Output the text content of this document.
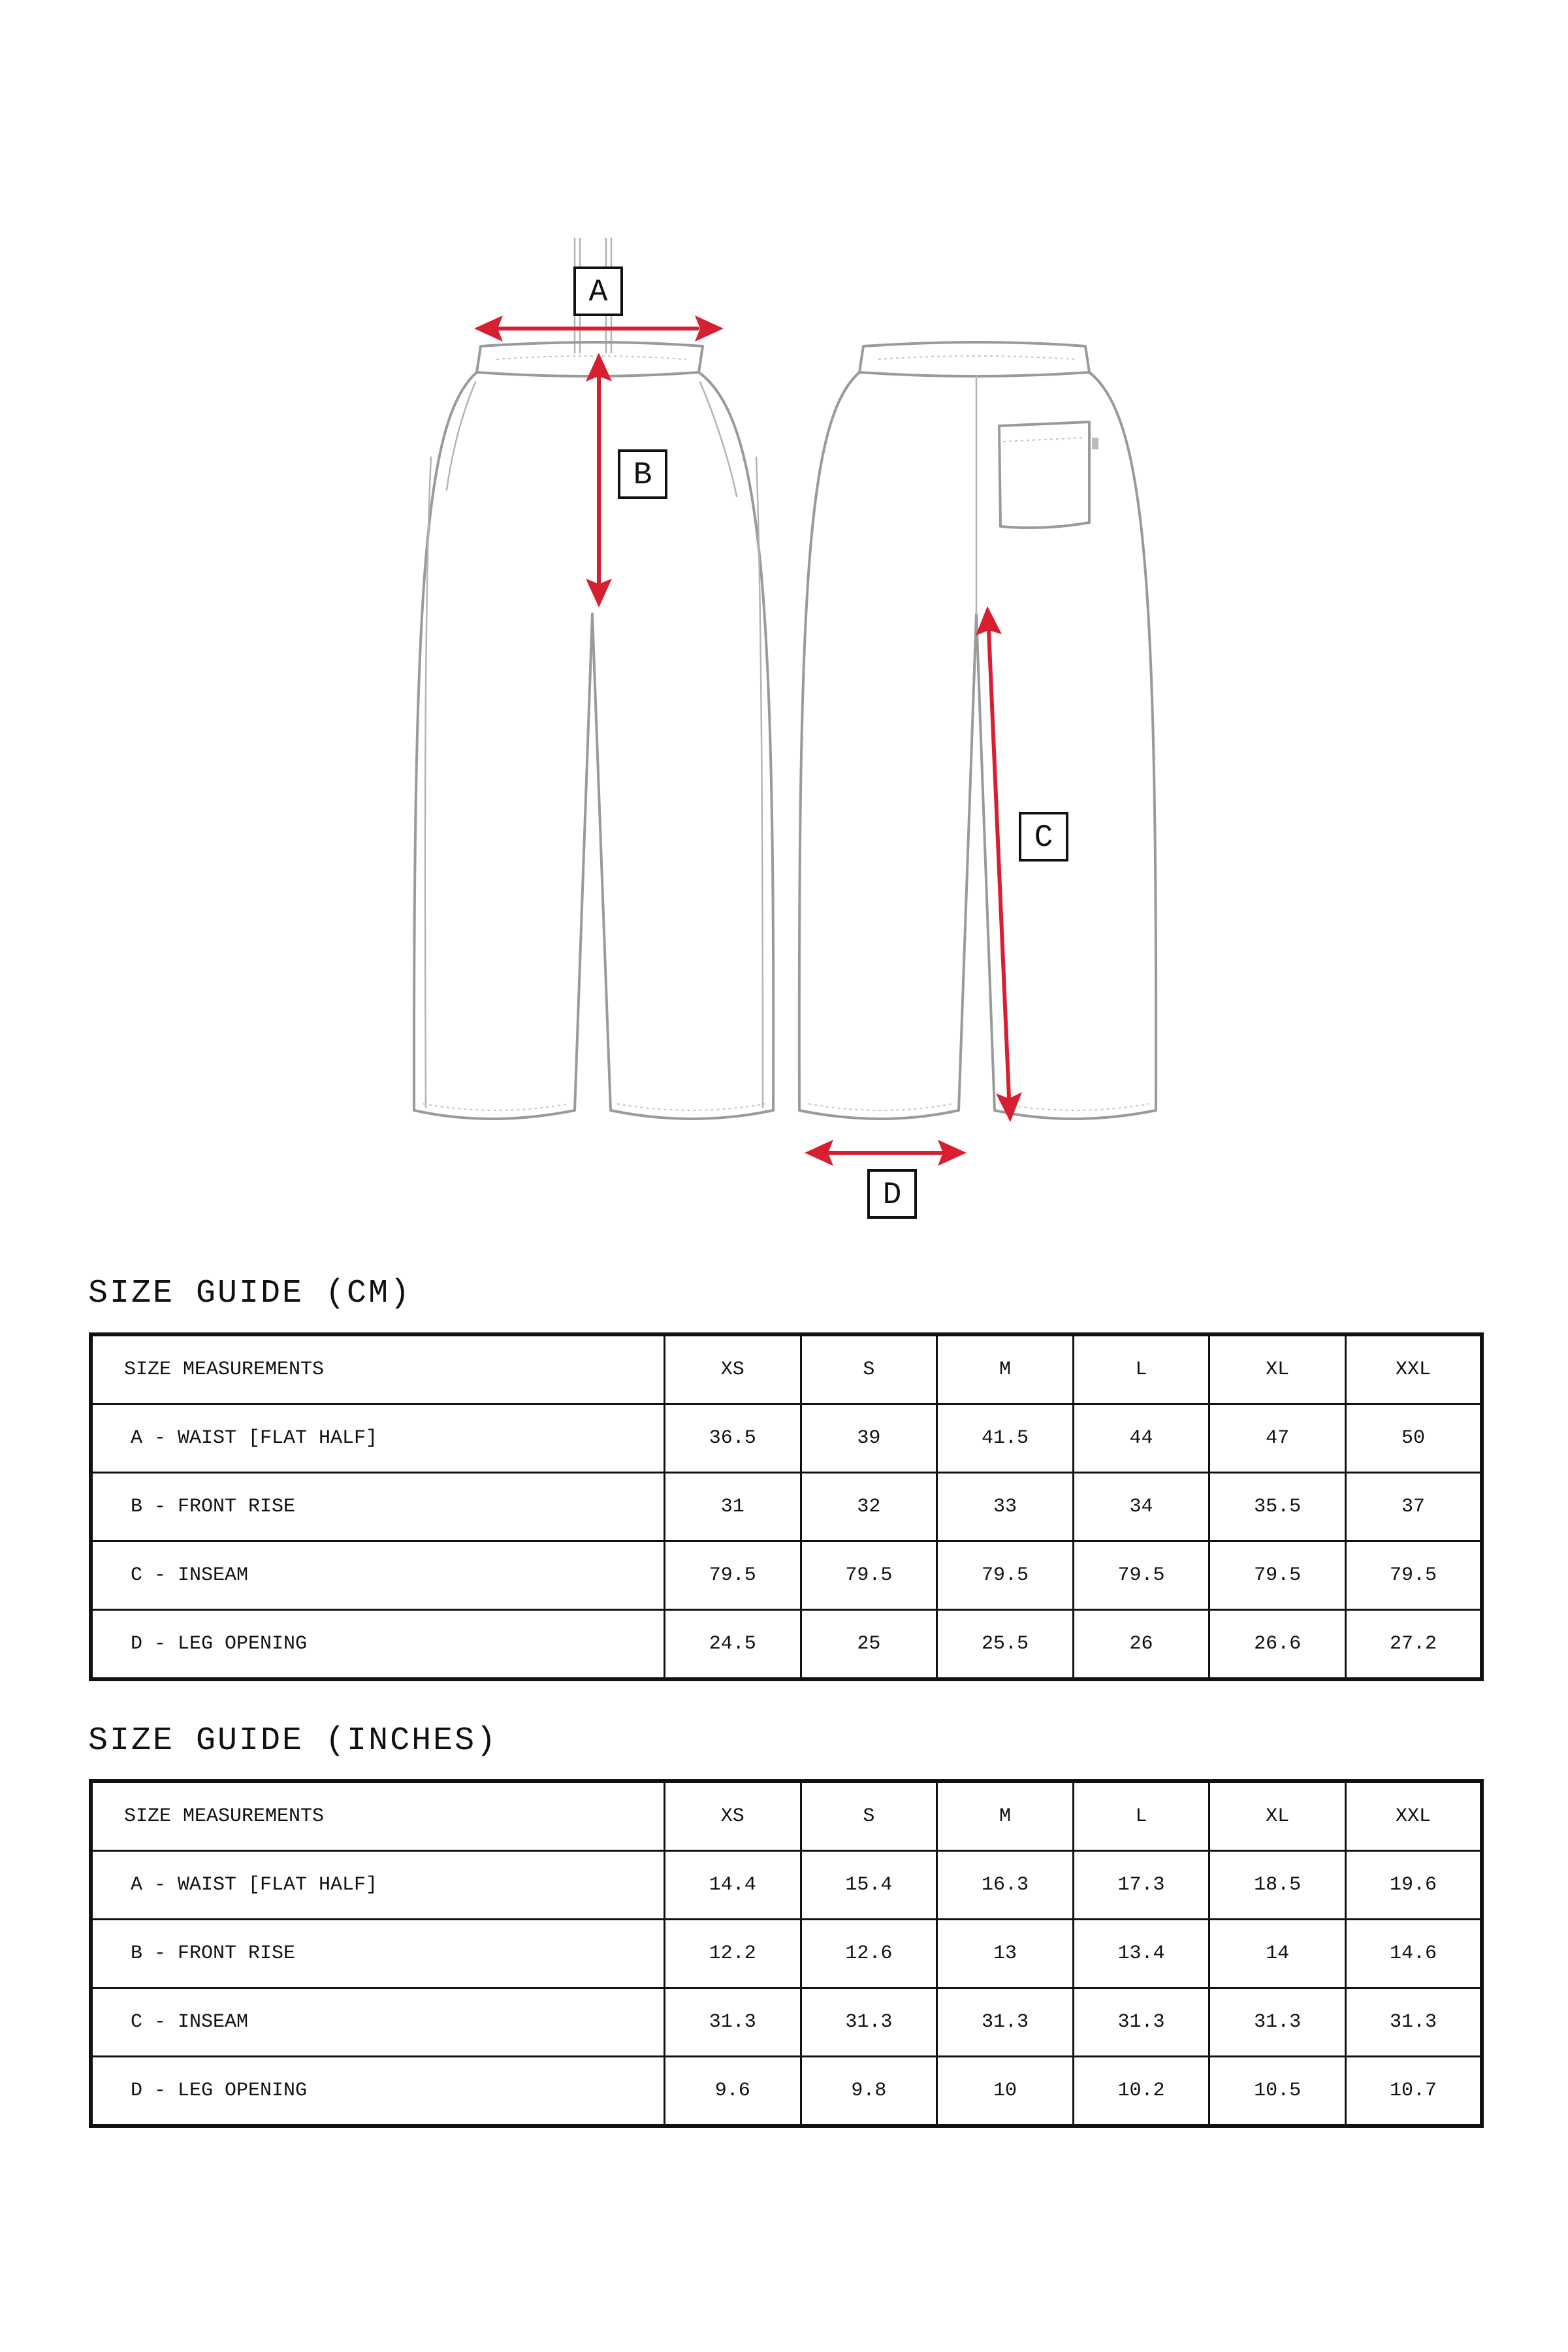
A
B
C
D
SIZE GUIDE (CM)
SIZE MEASUREMENTS	XS	S	M	L	XL	XXL
A - WAIST [FLAT HALF]	36.5	39	41.5	44	47	50
B - FRONT RISE	31	32	33	34	35.5	37
C - INSEAM	79.5	79.5	79.5	79.5	79.5	79.5
D - LEG OPENING	24.5	25	25.5	26	26.6	27.2
SIZE GUIDE (INCHES)
SIZE MEASUREMENTS	XS	S	M	L	XL	XXL
A - WAIST [FLAT HALF]	14.4	15.4	16.3	17.3	18.5	19.6
B - FRONT RISE	12.2	12.6	13	13.4	14	14.6
C - INSEAM	31.3	31.3	31.3	31.3	31.3	31.3
D - LEG OPENING	9.6	9.8	10	10.2	10.5	10.7
